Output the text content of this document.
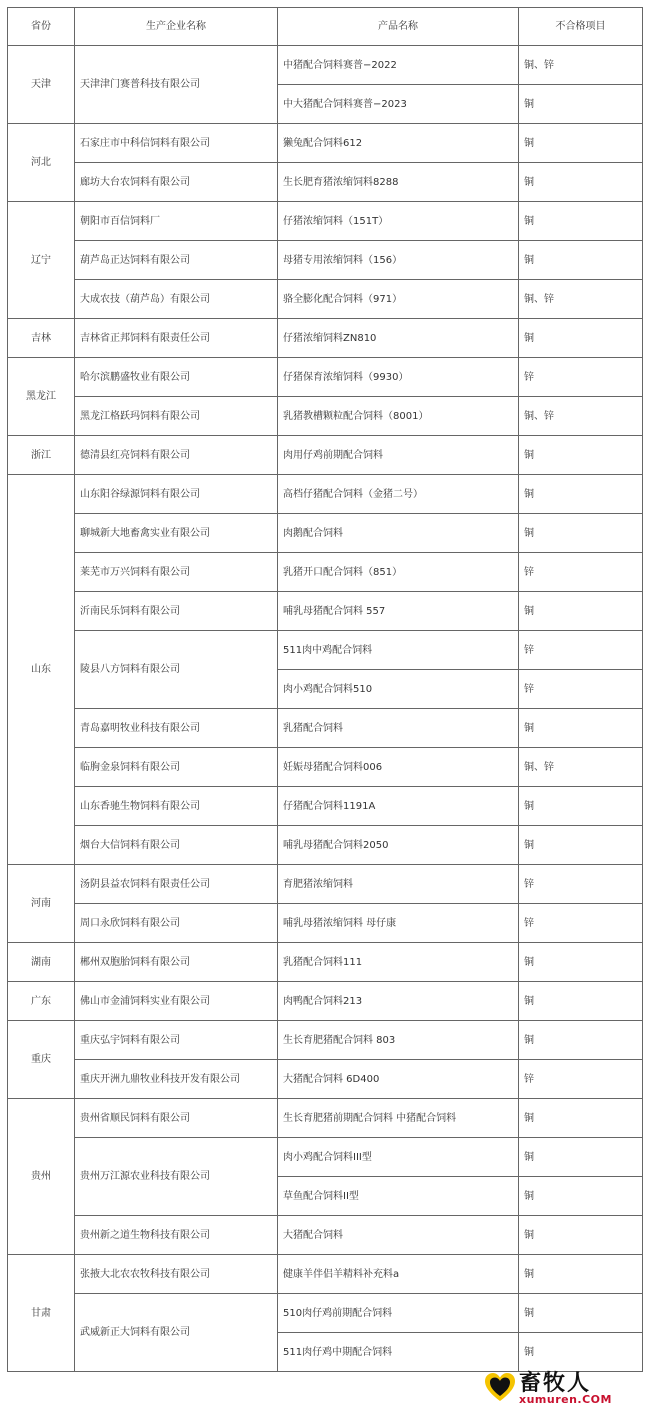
省份	生产企业名称	产品名称	不合格项目
天津	天津津门赛普科技有限公司	中猪配合饲料赛普−2022	铜、锌
		中大猪配合饲料赛普−2023	铜
河北	石家庄市中科信饲料有限公司	獭兔配合饲料612	铜
	廊坊大台农饲料有限公司	生长肥育猪浓缩饲料8288	铜
辽宁	朝阳市百信饲料厂	仔猪浓缩饲料（151T）	铜
	葫芦岛正达饲料有限公司	母猪专用浓缩饲料（156）	铜
	大成农技（葫芦岛）有限公司	骆全膨化配合饲料（971）	铜、锌
吉林	吉林省正邦饲料有限责任公司	仔猪浓缩饲料ZN810	铜
黑龙江	哈尔滨鹏盛牧业有限公司	仔猪保育浓缩饲料（9930）	锌
	黑龙江格跃玛饲料有限公司	乳猪教槽颗粒配合饲料（8001）	铜、锌
浙江	德清县红亮饲料有限公司	肉用仔鸡前期配合饲料	铜
山东	山东阳谷绿源饲料有限公司	高档仔猪配合饲料（金猪二号）	铜
	聊城新大地畜禽实业有限公司	肉鹅配合饲料	铜
	莱芜市万兴饲料有限公司	乳猪开口配合饲料（851）	锌
	沂南民乐饲料有限公司	哺乳母猪配合饲料 557	铜
	陵县八方饲料有限公司	511肉中鸡配合饲料	锌
		肉小鸡配合饲料510	锌
	青岛嘉明牧业科技有限公司	乳猪配合饲料	铜
	临朐金泉饲料有限公司	妊娠母猪配合饲料006	铜、锌
	山东香驰生物饲料有限公司	仔猪配合饲料1191A	铜
	烟台大信饲料有限公司	哺乳母猪配合饲料2050	铜
河南	汤阴县益农饲料有限责任公司	育肥猪浓缩饲料	锌
	周口永欣饲料有限公司	哺乳母猪浓缩饲料 母仔康	锌
湖南	郴州双胞胎饲料有限公司	乳猪配合饲料111	铜
广东	佛山市金浦饲料实业有限公司	肉鸭配合饲料213	铜
重庆	重庆弘宇饲料有限公司	生长育肥猪配合饲料 803	铜
	重庆开洲九鼎牧业科技开发有限公司	大猪配合饲料 6D400	锌
贵州	贵州省顺民饲料有限公司	生长育肥猪前期配合饲料 中猪配合饲料	铜
	贵州万江源农业科技有限公司	肉小鸡配合饲料III型	铜
		草鱼配合饲料II型	铜
	贵州新之道生物科技有限公司	大猪配合饲料	铜
甘肃	张掖大北农农牧科技有限公司	健康羊伴侣羊精料补充料a	铜
	武威新正大饲料有限公司	510肉仔鸡前期配合饲料	铜
		511肉仔鸡中期配合饲料	铜
畜牧人
xumuren.COM
